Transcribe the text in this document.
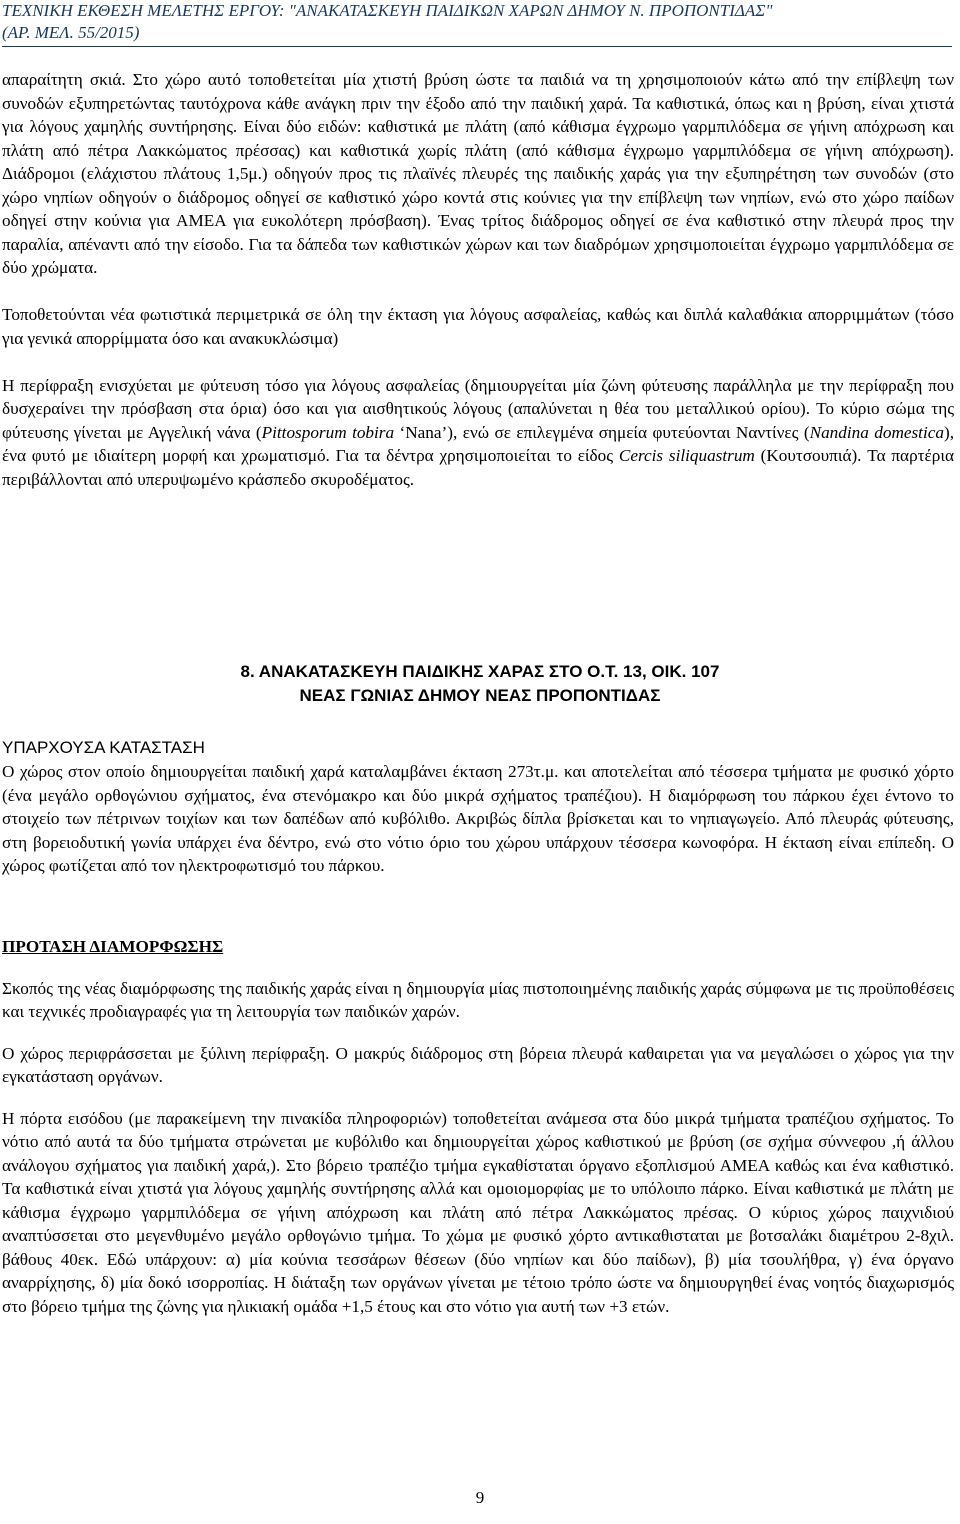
ΤΕΧΝΙΚΗ ΕΚΘΕΣΗ ΜΕΛΕΤΗΣ ΕΡΓΟΥ: "ΑΝΑΚΑΤΑΣΚΕΥΗ ΠΑΙΔΙΚΩΝ ΧΑΡΩΝ ΔΗΜΟΥ Ν. ΠΡΟΠΟΝΤΙΔΑΣ"
(ΑΡ. ΜΕΛ. 55/2015)

απαραίτητη σκιά. Στο χώρο αυτό τοποθετείται μία χτιστή βρύση ώστε τα παιδιά να τη χρησιμοποιούν κάτω από την επίβλεψη των συνοδών εξυπηρετώντας ταυτόχρονα κάθε ανάγκη πριν την έξοδο από την παιδική χαρά. Τα καθιστικά, όπως και η βρύση, είναι χτιστά για λόγους χαμηλής συντήρησης. Είναι δύο ειδών: καθιστικά με πλάτη (από κάθισμα έγχρωμο γαρμπιλόδεμα σε γήινη απόχρωση και πλάτη από πέτρα Λακκώματος πρέσσας) και καθιστικά χωρίς πλάτη (από κάθισμα έγχρωμο γαρμπιλόδεμα σε γήινη απόχρωση). Διάδρομοι (ελάχιστου πλάτους 1,5μ.) οδηγούν προς τις πλαϊνές πλευρές της παιδικής χαράς για την εξυπηρέτηση των συνοδών (στο χώρο νηπίων οδηγούν ο διάδρομος οδηγεί σε καθιστικό χώρο κοντά στις κούνιες για την επίβλεψη των νηπίων, ενώ στο χώρο παίδων οδηγεί στην κούνια για ΑΜΕΑ για ευκολότερη πρόσβαση). Ένας τρίτος διάδρομος οδηγεί σε ένα καθιστικό στην πλευρά προς την παραλία, απέναντι από την είσοδο. Για τα δάπεδα των καθιστικών χώρων και των διαδρόμων χρησιμοποιείται έγχρωμο γαρμπιλόδεμα σε δύο χρώματα.

Τοποθετούνται νέα φωτιστικά περιμετρικά σε όλη την έκταση για λόγους ασφαλείας, καθώς και διπλά καλαθάκια απορριμμάτων (τόσο για γενικά απορρίμματα όσο και ανακυκλώσιμα)

Η περίφραξη ενισχύεται με φύτευση τόσο για λόγους ασφαλείας (δημιουργείται μία ζώνη φύτευσης παράλληλα με την περίφραξη που δυσχεραίνει την πρόσβαση στα όρια) όσο και για αισθητικούς λόγους (απαλύνεται η θέα του μεταλλικού ορίου). Το κύριο σώμα της φύτευσης γίνεται με Αγγελική νάνα (Pittosporum tobira ‘Nana’), ενώ σε επιλεγμένα σημεία φυτεύονται Ναντίνες (Nandina domestica), ένα φυτό με ιδιαίτερη μορφή και χρωματισμό. Για τα δέντρα χρησιμοποιείται το είδος Cercis siliquastrum (Κουτσουπιά). Τα παρτέρια περιβάλλονται από υπερυψωμένο κράσπεδο σκυροδέματος.

8. ΑΝΑΚΑΤΑΣΚΕΥΗ ΠΑΙΔΙΚΗΣ ΧΑΡΑΣ ΣΤΟ Ο.Τ. 13, ΟΙΚ. 107
ΝΕΑΣ ΓΩΝΙΑΣ ΔΗΜΟΥ ΝΕΑΣ ΠΡΟΠΟΝΤΙΔΑΣ
ΥΠΑΡΧΟΥΣΑ ΚΑΤΑΣΤΑΣΗ

Ο χώρος στον οποίο δημιουργείται παιδική χαρά καταλαμβάνει έκταση 273τ.μ. και αποτελείται από τέσσερα τμήματα με φυσικό χόρτο (ένα μεγάλο ορθογώνιου σχήματος, ένα στενόμακρο και δύο μικρά σχήματος τραπέζιου). Η διαμόρφωση του πάρκου έχει έντονο το στοιχείο των πέτρινων τοιχίων και των δαπέδων από κυβόλιθο. Ακριβώς δίπλα βρίσκεται και το νηπιαγωγείο. Από πλευράς φύτευσης, στη βορειοδυτική γωνία υπάρχει ένα δέντρο, ενώ στο νότιο όριο του χώρου υπάρχουν τέσσερα κωνοφόρα. Η έκταση είναι επίπεδη. Ο χώρος φωτίζεται από τον ηλεκτροφωτισμό του πάρκου.

ΠΡΟΤΑΣΗ ΔΙΑΜΟΡΦΩΣΗΣ

Σκοπός της νέας διαμόρφωσης της παιδικής χαράς είναι η δημιουργία μίας πιστοποιημένης παιδικής χαράς σύμφωνα με τις προϋποθέσεις και τεχνικές προδιαγραφές για τη λειτουργία των παιδικών χαρών.

Ο χώρος περιφράσσεται με ξύλινη περίφραξη. Ο μακρύς διάδρομος στη βόρεια πλευρά καθαιρεται για να μεγαλώσει ο χώρος για την εγκατάσταση οργάνων.

Η πόρτα εισόδου (με παρακείμενη την πινακίδα πληροφοριών) τοποθετείται ανάμεσα στα δύο μικρά τμήματα τραπέζιου σχήματος. Το νότιο από αυτά τα δύο τμήματα στρώνεται με κυβόλιθο και δημιουργείται χώρος καθιστικού με βρύση (σε σχήμα σύννεφου ,ή άλλου ανάλογου σχήματος για παιδική χαρά,). Στο βόρειο τραπέζιο τμήμα εγκαθίσταται όργανο εξοπλισμού ΑΜΕΑ καθώς και ένα καθιστικό. Τα καθιστικά είναι χτιστά για λόγους χαμηλής συντήρησης αλλά και ομοιομορφίας με το υπόλοιπο πάρκο. Είναι καθιστικά με πλάτη με κάθισμα έγχρωμο γαρμπιλόδεμα σε γήινη απόχρωση και πλάτη από πέτρα Λακκώματος πρέσας. Ο κύριος χώρος παιχνιδιού αναπτύσσεται στο μεγενθυμένο μεγάλο ορθογώνιο τμήμα. Το χώμα με φυσικό χόρτο αντικαθισταται με βοτσαλάκι διαμέτρου 2-8χιλ. βάθους 40εκ. Εδώ υπάρχουν: α) μία κούνια τεσσάρων θέσεων (δύο νηπίων και δύο παίδων), β) μία τσουλήθρα, γ) ένα όργανο αναρρίχησης, δ) μία δοκό ισορροπίας. Η διάταξη των οργάνων γίνεται με τέτοιο τρόπο ώστε να δημιουργηθεί ένας νοητός διαχωρισμός στο βόρειο τμήμα της ζώνης για ηλικιακή ομάδα +1,5 έτους και στο νότιο για αυτή των +3 ετών.

9
